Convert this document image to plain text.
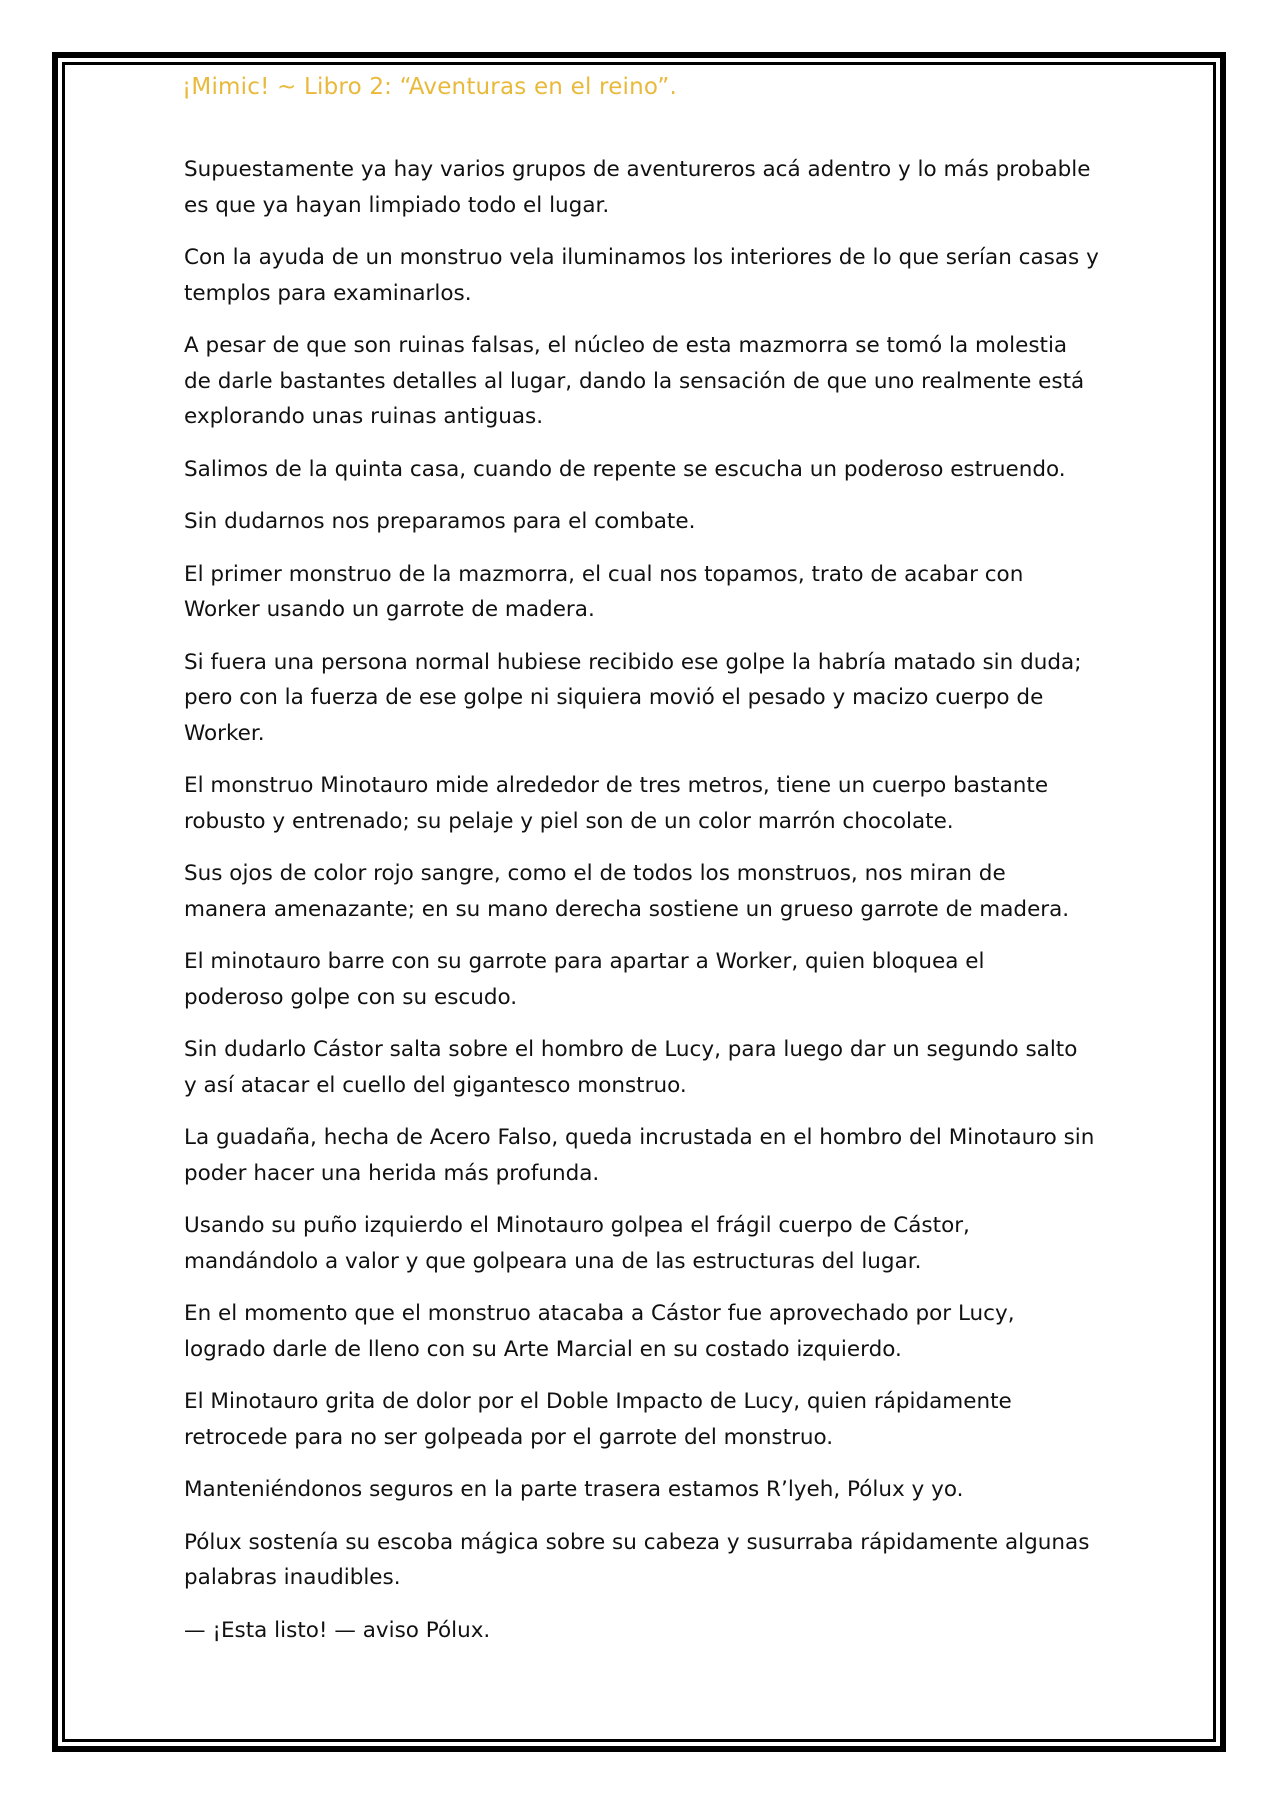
¡Mimic! ~ Libro 2: “Aventuras en el reino”.

Supuestamente ya hay varios grupos de aventureros acá adentro y lo más probable
es que ya hayan limpiado todo el lugar.

Con la ayuda de un monstruo vela iluminamos los interiores de lo que serían casas y
templos para examinarlos.

A pesar de que son ruinas falsas, el núcleo de esta mazmorra se tomó la molestia
de darle bastantes detalles al lugar, dando la sensación de que uno realmente está
explorando unas ruinas antiguas.

Salimos de la quinta casa, cuando de repente se escucha un poderoso estruendo.

Sin dudarnos nos preparamos para el combate.

El primer monstruo de la mazmorra, el cual nos topamos, trato de acabar con
Worker usando un garrote de madera.

Si fuera una persona normal hubiese recibido ese golpe la habría matado sin duda;
pero con la fuerza de ese golpe ni siquiera movió el pesado y macizo cuerpo de
Worker.

El monstruo Minotauro mide alrededor de tres metros, tiene un cuerpo bastante
robusto y entrenado; su pelaje y piel son de un color marrón chocolate.

Sus ojos de color rojo sangre, como el de todos los monstruos, nos miran de
manera amenazante; en su mano derecha sostiene un grueso garrote de madera.

El minotauro barre con su garrote para apartar a Worker, quien bloquea el
poderoso golpe con su escudo.

Sin dudarlo Cástor salta sobre el hombro de Lucy, para luego dar un segundo salto
y así atacar el cuello del gigantesco monstruo.

La guadaña, hecha de Acero Falso, queda incrustada en el hombro del Minotauro sin
poder hacer una herida más profunda.

Usando su puño izquierdo el Minotauro golpea el frágil cuerpo de Cástor,
mandándolo a valor y que golpeara una de las estructuras del lugar.

En el momento que el monstruo atacaba a Cástor fue aprovechado por Lucy,
logrado darle de lleno con su Arte Marcial en su costado izquierdo.

El Minotauro grita de dolor por el Doble Impacto de Lucy, quien rápidamente
retrocede para no ser golpeada por el garrote del monstruo.

Manteniéndonos seguros en la parte trasera estamos R’lyeh, Pólux y yo.

Pólux sostenía su escoba mágica sobre su cabeza y susurraba rápidamente algunas
palabras inaudibles.

— ¡Esta listo! — aviso Pólux.
